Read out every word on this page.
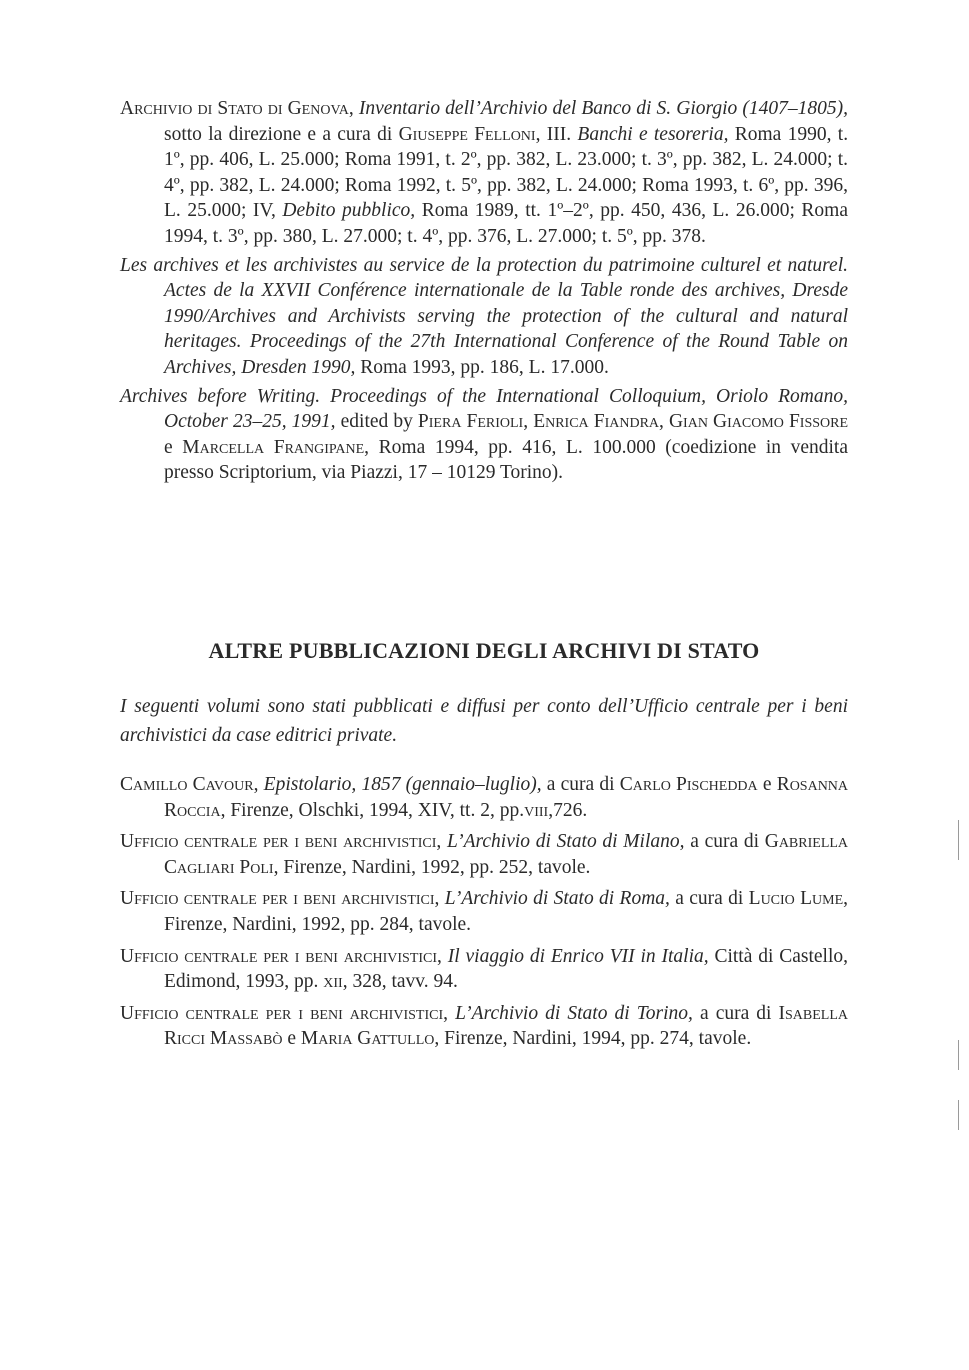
Archivio di Stato di Genova, Inventario dell’Archivio del Banco di S. Giorgio (1407–1805), sotto la direzione e a cura di Giuseppe Felloni, III. Banchi e tesoreria, Roma 1990, t. 1º, pp. 406, L. 25.000; Roma 1991, t. 2º, pp. 382, L. 23.000; t. 3º, pp. 382, L. 24.000; t. 4º, pp. 382, L. 24.000; Roma 1992, t. 5º, pp. 382, L. 24.000; Roma 1993, t. 6º, pp. 396, L. 25.000; IV, Debito pubblico, Roma 1989, tt. 1º–2º, pp. 450, 436, L. 26.000; Roma 1994, t. 3º, pp. 380, L. 27.000; t. 4º, pp. 376, L. 27.000; t. 5º, pp. 378.

Les archives et les archivistes au service de la protection du patrimoine culturel et naturel. Actes de la XXVII Conférence internationale de la Table ronde des archives, Dresde 1990/Archives and Archivists serving the protection of the cultural and natural heritages. Proceedings of the 27th International Conference of the Round Table on Archives, Dresden 1990, Roma 1993, pp. 186, L. 17.000.

Archives before Writing. Proceedings of the International Colloquium, Oriolo Romano, October 23–25, 1991, edited by Piera Ferioli, Enrica Fiandra, Gian Giacomo Fissore e Marcella Frangipane, Roma 1994, pp. 416, L. 100.000 (coedizione in vendita presso Scriptorium, via Piazzi, 17 – 10129 Torino).

ALTRE PUBBLICAZIONI DEGLI ARCHIVI DI STATO

I seguenti volumi sono stati pubblicati e diffusi per conto dell’Ufficio centrale per i beni archivistici da case editrici private.

Camillo Cavour, Epistolario, 1857 (gennaio–luglio), a cura di Carlo Pischedda e Rosanna Roccia, Firenze, Olschki, 1994, XIV, tt. 2, pp.viii,726.

Ufficio centrale per i beni archivistici, L’Archivio di Stato di Milano, a cura di Gabriella Cagliari Poli, Firenze, Nardini, 1992, pp. 252, tavole.

Ufficio centrale per i beni archivistici, L’Archivio di Stato di Roma, a cura di Lucio Lume, Firenze, Nardini, 1992, pp. 284, tavole.

Ufficio centrale per i beni archivistici, Il viaggio di Enrico VII in Italia, Città di Castello, Edimond, 1993, pp. xii, 328, tavv. 94.

Ufficio centrale per i beni archivistici, L’Archivio di Stato di Torino, a cura di Isabella Ricci Massabò e Maria Gattullo, Firenze, Nardini, 1994, pp. 274, tavole.
